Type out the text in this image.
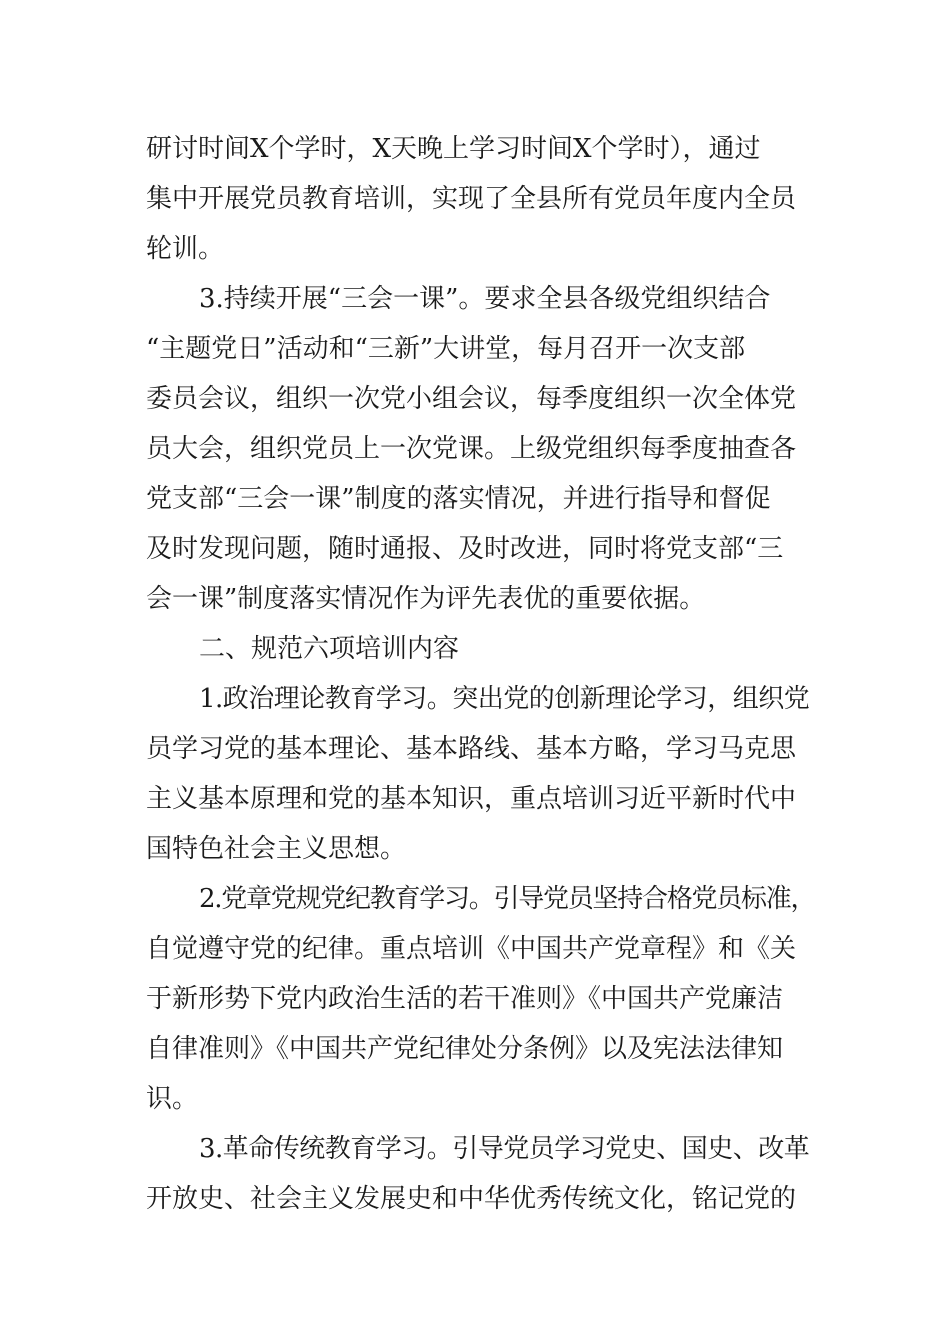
研讨时间X个学时，X天晚上学习时间X个学时），通过

集中开展党员教育培训，实现了全县所有党员年度内全员

轮训。

3.持续开展“三会一课”。要求全县各级党组织结合

“主题党日”活动和“三新”大讲堂，每月召开一次支部

委员会议，组织一次党小组会议，每季度组织一次全体党

员大会，组织党员上一次党课。上级党组织每季度抽查各

党支部“三会一课”制度的落实情况，并进行指导和督促

及时发现问题，随时通报、及时改进，同时将党支部“三

会一课”制度落实情况作为评先表优的重要依据。

二、规范六项培训内容

1.政治理论教育学习。突出党的创新理论学习，组织党

员学习党的基本理论、基本路线、基本方略，学习马克思

主义基本原理和党的基本知识，重点培训习近平新时代中

国特色社会主义思想。

2.党章党规党纪教育学习。引导党员坚持合格党员标准，

自觉遵守党的纪律。重点培训《中国共产党章程》和《关

于新形势下党内政治生活的若干准则》《中国共产党廉洁

自律准则》《中国共产党纪律处分条例》以及宪法法律知

识。

3.革命传统教育学习。引导党员学习党史、国史、改革

开放史、社会主义发展史和中华优秀传统文化，铭记党的
